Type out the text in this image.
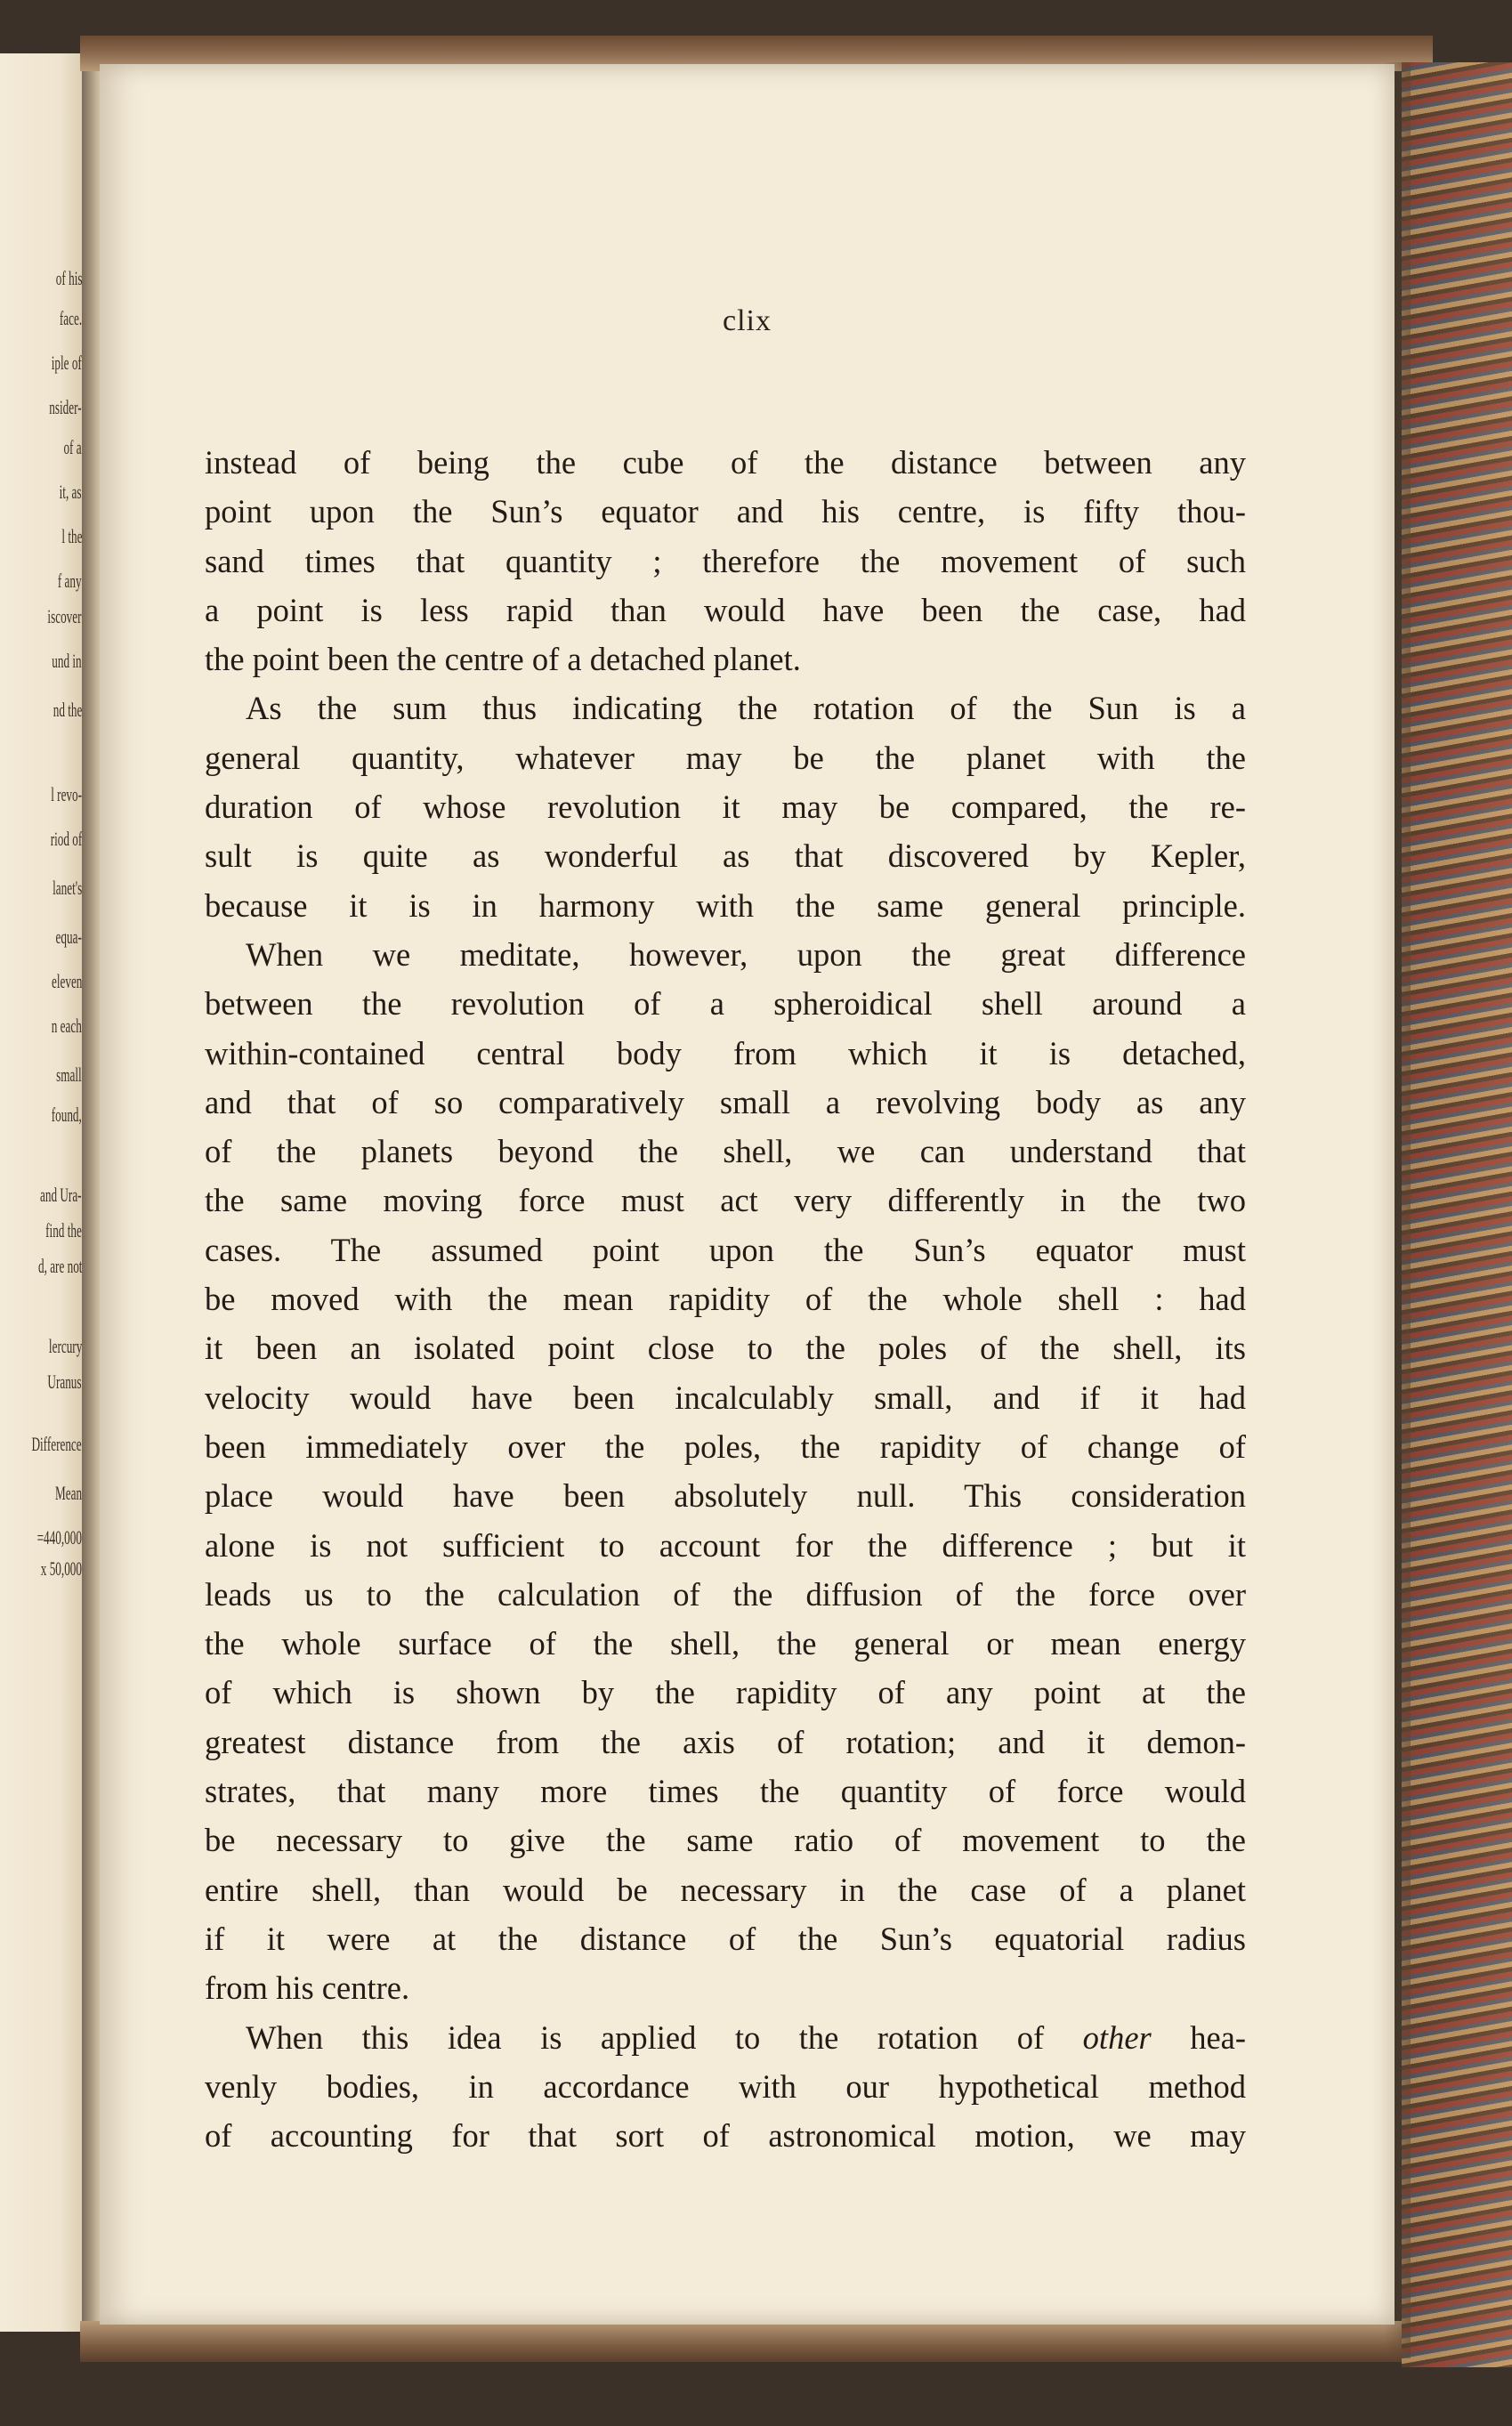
of his
face.
iple of
nsider-
of a
it, as
l the
f any
iscover
und in
nd the
l revo-
riod of
lanet's
equa-
eleven
n each
small
found,
and Ura-
find the
d, are not
lercury
Uranus
Difference
Mean
=440,000
x 50,000
clix
instead of being the cube of the distance between any
point upon the Sun’s equator and his centre, is fifty thou-
sand times that quantity ; therefore the movement of such
a point is less rapid than would have been the case, had
the point been the centre of a detached planet.
As the sum thus indicating the rotation of the Sun is a
general quantity, whatever may be the planet with the
duration of whose revolution it may be compared, the re-
sult is quite as wonderful as that discovered by Kepler,
because it is in harmony with the same general principle.
When we meditate, however, upon the great difference
between the revolution of a spheroidical shell around a
within-contained central body from which it is detached,
and that of so comparatively small a revolving body as any
of the planets beyond the shell, we can understand that
the same moving force must act very differently in the two
cases. The assumed point upon the Sun’s equator must
be moved with the mean rapidity of the whole shell : had
it been an isolated point close to the poles of the shell, its
velocity would have been incalculably small, and if it had
been immediately over the poles, the rapidity of change of
place would have been absolutely null. This consideration
alone is not sufficient to account for the difference ; but it
leads us to the calculation of the diffusion of the force over
the whole surface of the shell, the general or mean energy
of which is shown by the rapidity of any point at the
greatest distance from the axis of rotation; and it demon-
strates, that many more times the quantity of force would
be necessary to give the same ratio of movement to the
entire shell, than would be necessary in the case of a planet
if it were at the distance of the Sun’s equatorial radius
from his centre.
When this idea is applied to the rotation of other hea-
venly bodies, in accordance with our hypothetical method
of accounting for that sort of astronomical motion, we may
